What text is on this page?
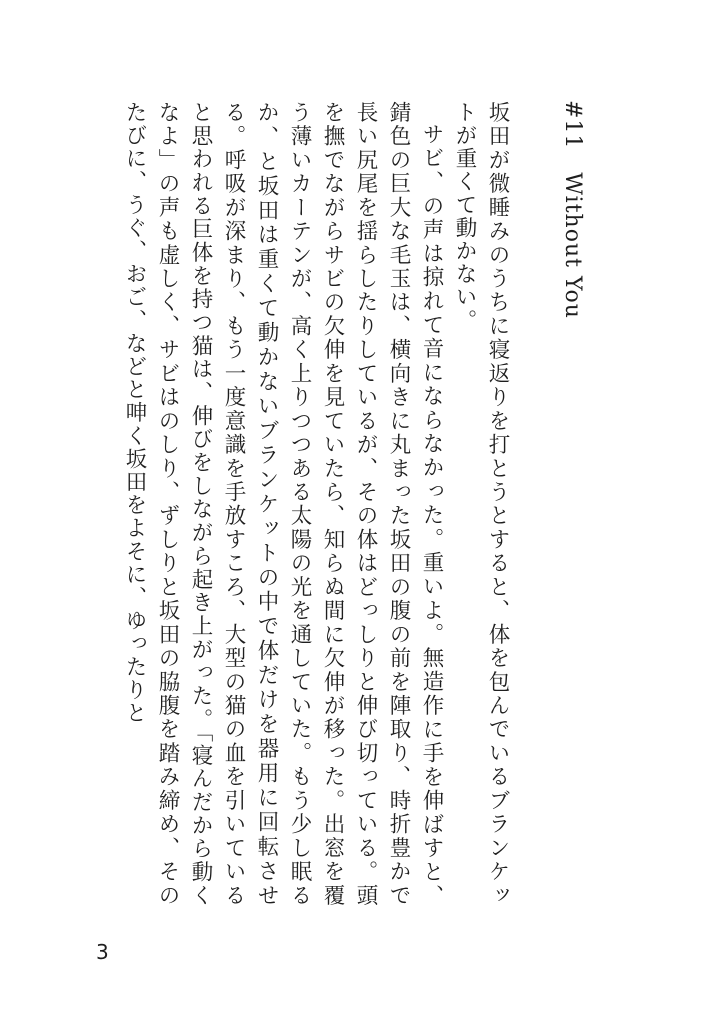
#11　Without You

坂田が微睡みのうちに寝返りを打とうとすると、体を包んでいるブランケットが重くて動かない。

サビ、の声は掠れて音にならなかった。重いよ。無造作に手を伸ばすと、錆色の巨大な毛玉は、横向きに丸まった坂田の腹の前を陣取り、時折豊かで長い尻尾を揺らしたりしているが、その体はどっしりと伸び切っている。頭を撫でながらサビの欠伸を見ていたら、知らぬ間に欠伸が移った。出窓を覆う薄いカーテンが、高く上りつつある太陽の光を通していた。もう少し眠るか、と坂田は重くて動かないブランケットの中で体だけを器用に回転させる。呼吸が深まり、もう一度意識を手放すころ、大型の猫の血を引いていると思われる巨体を持つ猫は、伸びをしながら起き上がった。「寝んだから動くなよ」の声も虚しく、サビはのしり、ずしりと坂田の脇腹を踏み締め、そのたびに、うぐ、おご、などと呻く坂田をよそに、ゆったりと

3
